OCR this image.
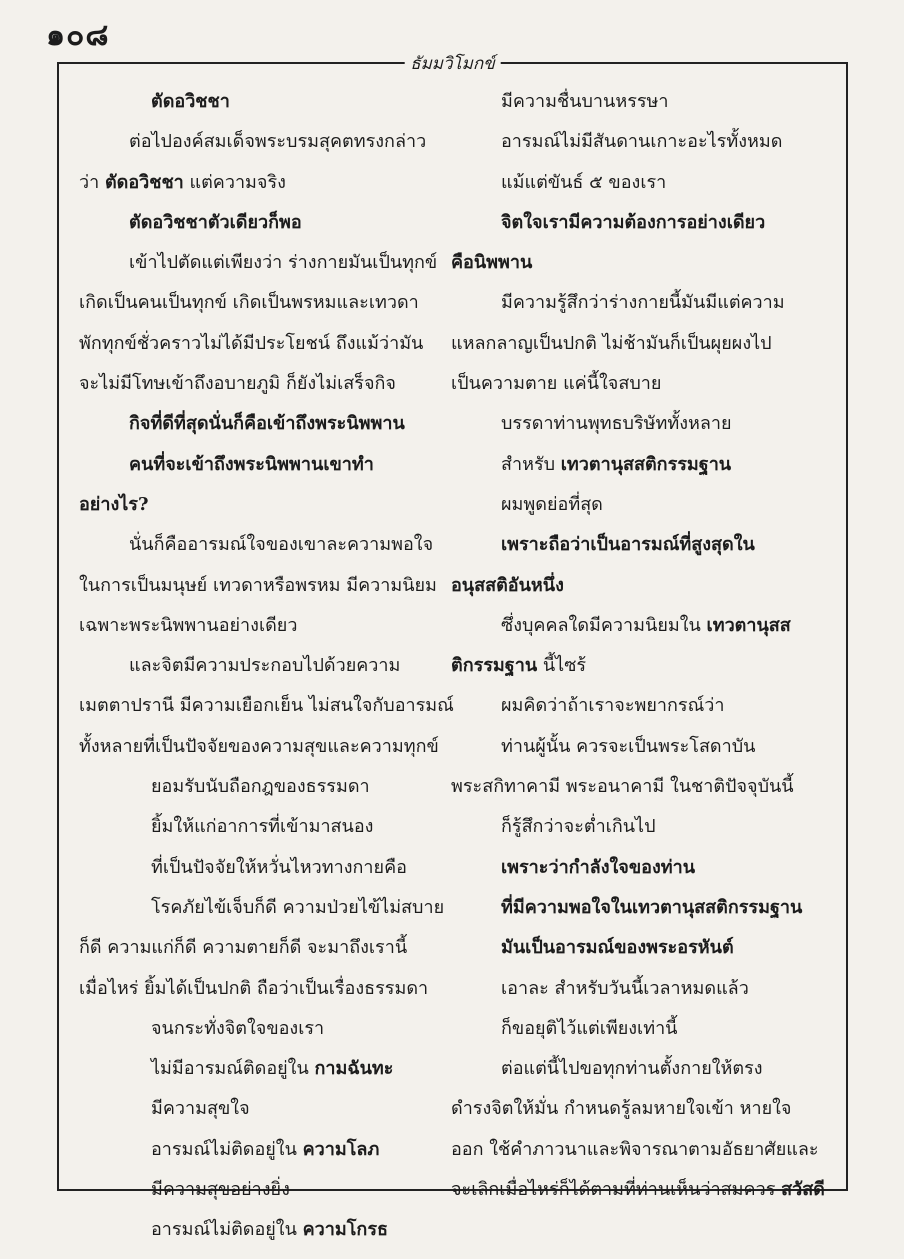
๑๐๘
ธัมมวิโมกข์
ตัดอวิชชา
ต่อไปองค์สมเด็จพระบรมสุคตทรงกล่าว
ว่า ตัดอวิชชา แต่ความจริง
ตัดอวิชชาตัวเดียวก็พอ
เข้าไปตัดแต่เพียงว่า ร่างกายมันเป็นทุกข์
เกิดเป็นคนเป็นทุกข์ เกิดเป็นพรหมและเทวดา
พักทุกข์ชั่วคราวไม่ได้มีประโยชน์ ถึงแม้ว่ามัน
จะไม่มีโทษเข้าถึงอบายภูมิ ก็ยังไม่เสร็จกิจ
กิจที่ดีที่สุดนั่นก็คือเข้าถึงพระนิพพาน
คนที่จะเข้าถึงพระนิพพานเขาทำ
อย่างไร?
นั่นก็คืออารมณ์ใจของเขาละความพอใจ
ในการเป็นมนุษย์ เทวดาหรือพรหม มีความนิยม
เฉพาะพระนิพพานอย่างเดียว
และจิตมีความประกอบไปด้วยความ
เมตตาปรานี มีความเยือกเย็น ไม่สนใจกับอารมณ์
ทั้งหลายที่เป็นปัจจัยของความสุขและความทุกข์
ยอมรับนับถือกฎของธรรมดา
ยิ้มให้แก่อาการที่เข้ามาสนอง
ที่เป็นปัจจัยให้หวั่นไหวทางกายคือ
โรคภัยไข้เจ็บก็ดี ความป่วยไข้ไม่สบาย
ก็ดี ความแก่ก็ดี ความตายก็ดี จะมาถึงเรานี้
เมื่อไหร่ ยิ้มได้เป็นปกติ ถือว่าเป็นเรื่องธรรมดา
จนกระทั่งจิตใจของเรา
ไม่มีอารมณ์ติดอยู่ใน กามฉันทะ
มีความสุขใจ
อารมณ์ไม่ติดอยู่ใน ความโลภ
มีความสุขอย่างยิ่ง
อารมณ์ไม่ติดอยู่ใน ความโกรธ
มีความชื่นบานหรรษา
อารมณ์ไม่มีสันดานเกาะอะไรทั้งหมด
แม้แต่ขันธ์ ๕ ของเรา
จิตใจเรามีความต้องการอย่างเดียว
คือนิพพาน
มีความรู้สึกว่าร่างกายนี้มันมีแต่ความ
แหลกลาญเป็นปกติ ไม่ช้ามันก็เป็นผุยผงไป
เป็นความตาย แค่นี้ใจสบาย
บรรดาท่านพุทธบริษัททั้งหลาย
สำหรับ เทวตานุสสติกรรมฐาน
ผมพูดย่อที่สุด
เพราะถือว่าเป็นอารมณ์ที่สูงสุดใน
อนุสสติอันหนึ่ง
ซึ่งบุคคลใดมีความนิยมใน เทวตานุสส
ติกรรมฐาน นี้ไซร้
ผมคิดว่าถ้าเราจะพยากรณ์ว่า
ท่านผู้นั้น ควรจะเป็นพระโสดาบัน
พระสกิทาคามี พระอนาคามี ในชาติปัจจุบันนี้
ก็รู้สึกว่าจะต่ำเกินไป
เพราะว่ากำลังใจของท่าน
ที่มีความพอใจในเทวตานุสสติกรรมฐาน
มันเป็นอารมณ์ของพระอรหันต์
เอาละ สำหรับวันนี้เวลาหมดแล้ว
ก็ขอยุติไว้แต่เพียงเท่านี้
ต่อแต่นี้ไปขอทุกท่านตั้งกายให้ตรง
ดำรงจิตให้มั่น กำหนดรู้ลมหายใจเข้า หายใจ
ออก ใช้คำภาวนาและพิจารณาตามอัธยาศัยและ
จะเลิกเมื่อไหร่ก็ได้ตามที่ท่านเห็นว่าสมควร สวัสดี
